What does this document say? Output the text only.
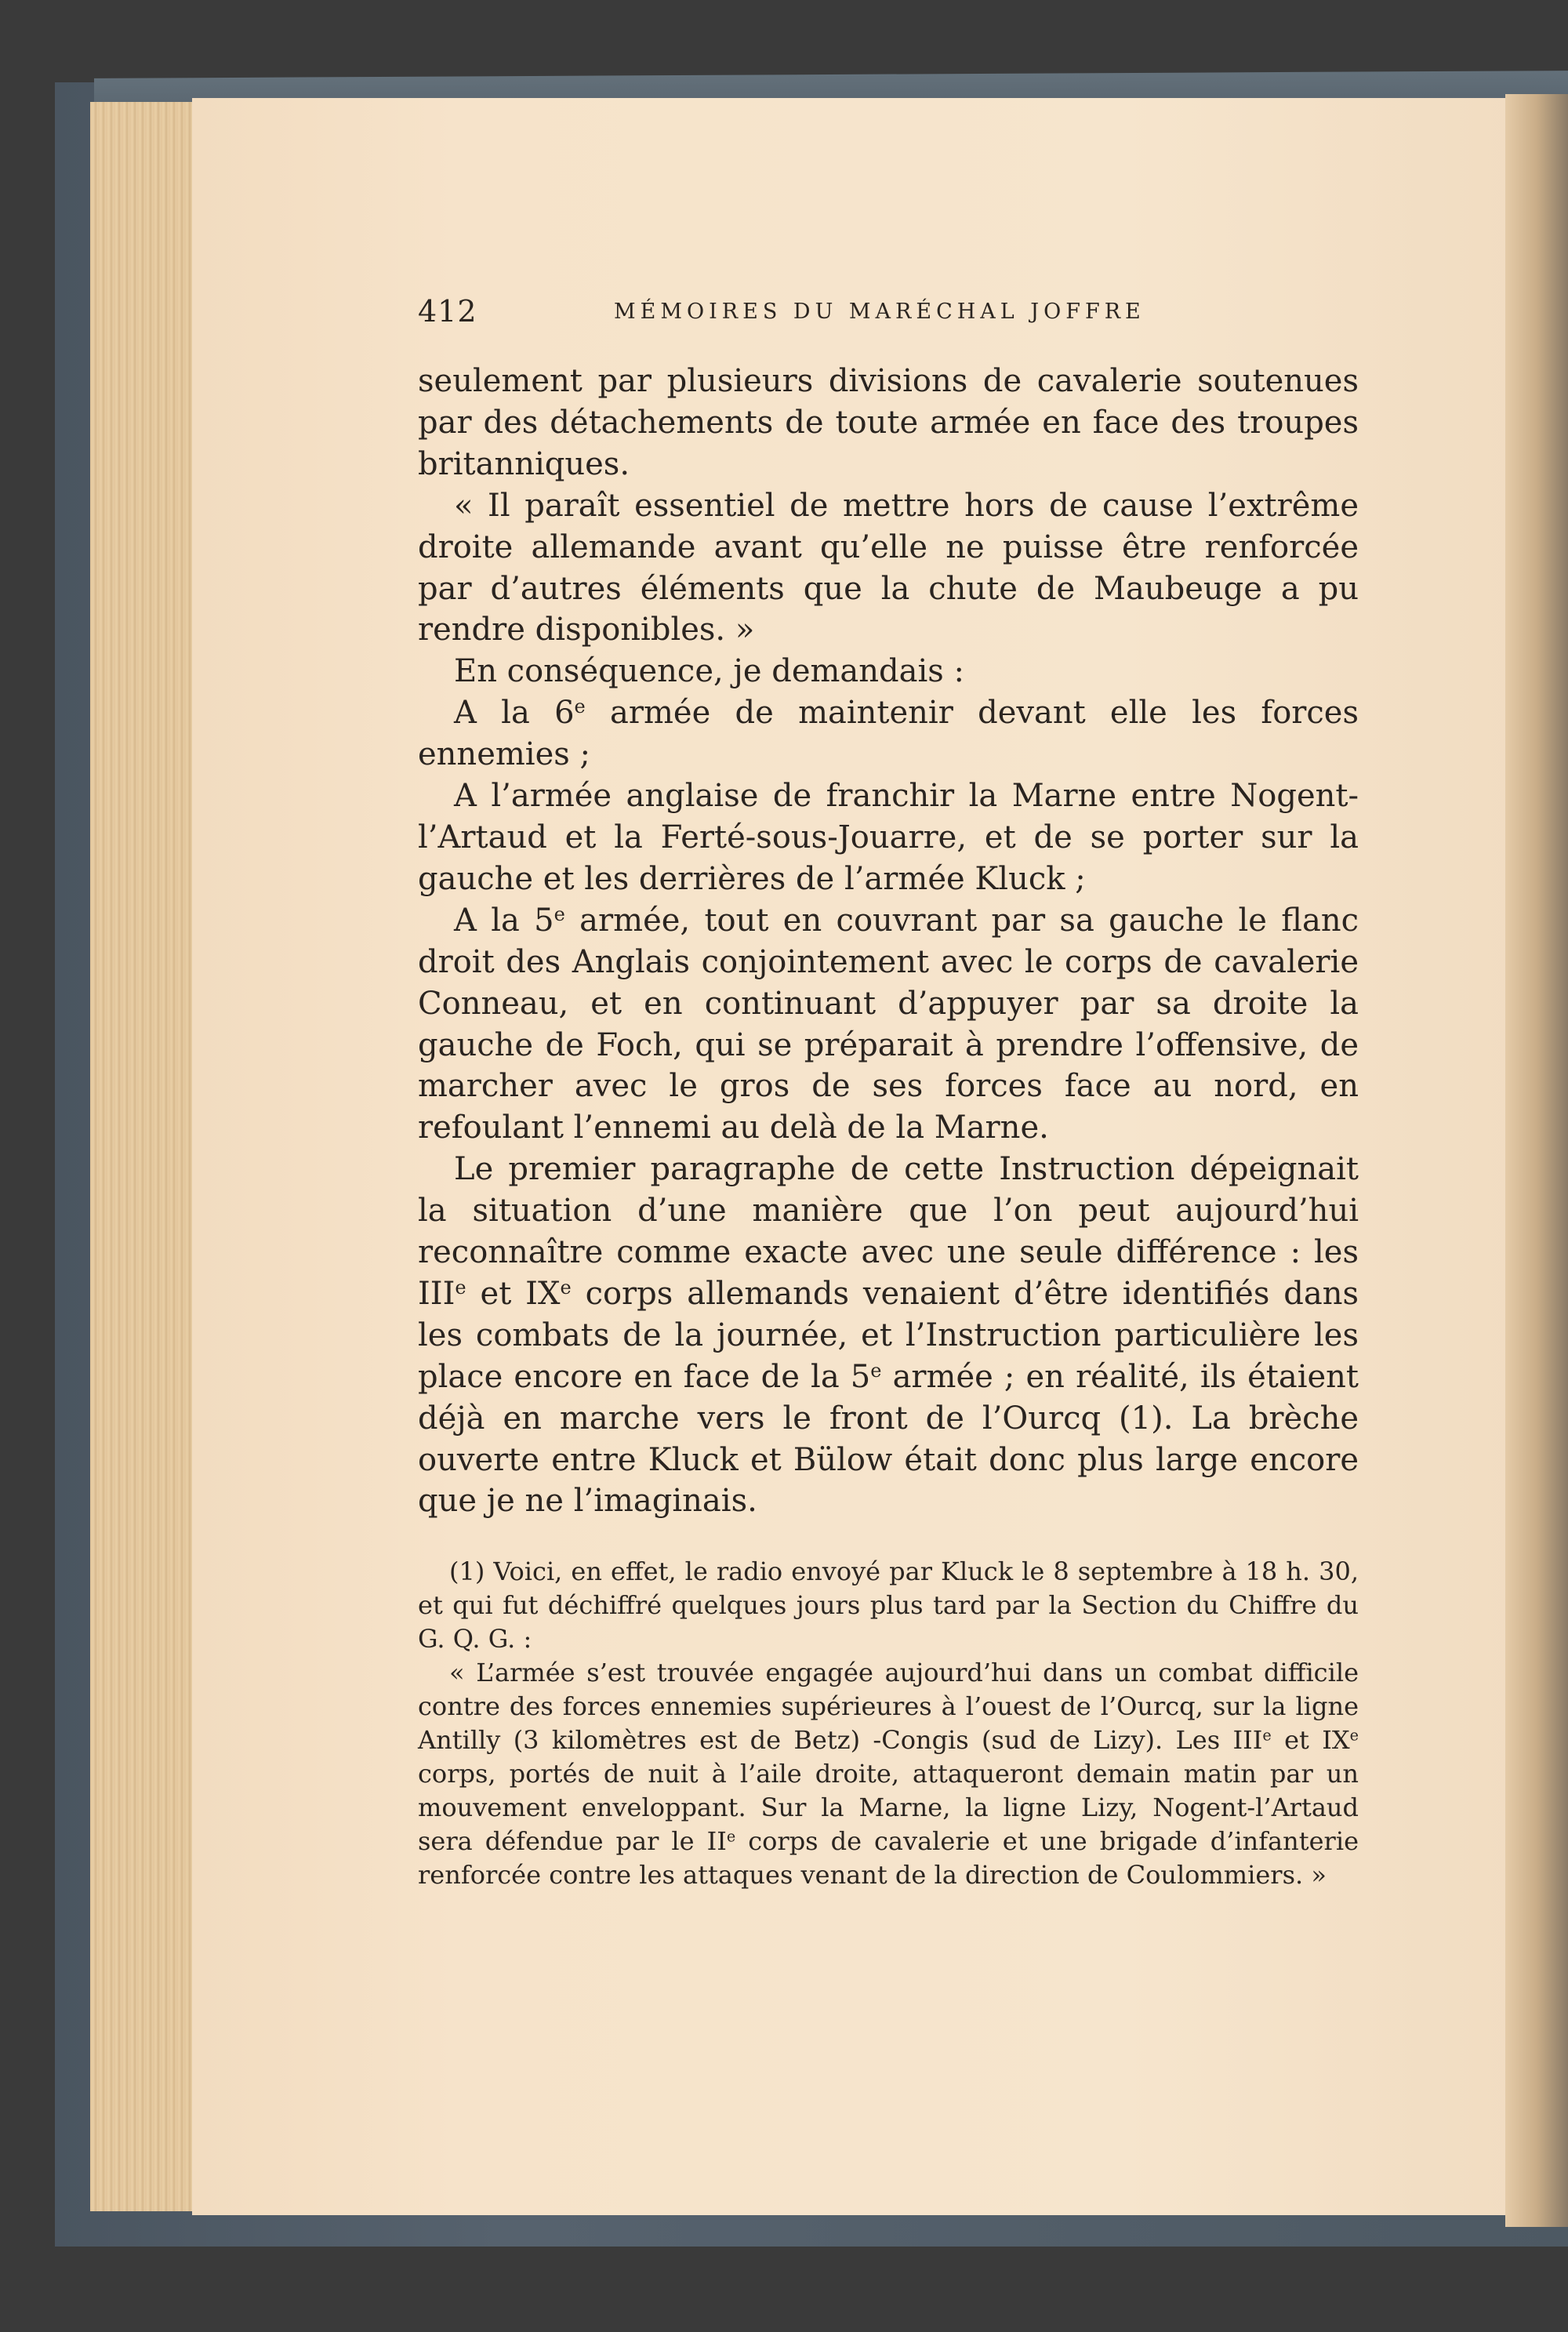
412	MÉMOIRES DU MARÉCHAL JOFFRE

seulement par plusieurs divisions de cavalerie soutenues par des détachements de toute armée en face des troupes britanniques.

« Il paraît essentiel de mettre hors de cause l’extrême droite allemande avant qu’elle ne puisse être renforcée par d’autres éléments que la chute de Maubeuge a pu rendre disponibles. »

En conséquence, je demandais :

A la 6e armée de maintenir devant elle les forces ennemies ;

A l’armée anglaise de franchir la Marne entre Nogent-l’Artaud et la Ferté-sous-Jouarre, et de se porter sur la gauche et les derrières de l’armée Kluck ;

A la 5e armée, tout en couvrant par sa gauche le flanc droit des Anglais conjointement avec le corps de cavalerie Conneau, et en continuant d’appuyer par sa droite la gauche de Foch, qui se préparait à prendre l’offensive, de marcher avec le gros de ses forces face au nord, en refoulant l’ennemi au delà de la Marne.

Le premier paragraphe de cette Instruction dépeignait la situation d’une manière que l’on peut aujourd’hui reconnaître comme exacte avec une seule différence : les IIIe et IXe corps allemands venaient d’être identifiés dans les combats de la journée, et l’Instruction particulière les place encore en face de la 5e armée ; en réalité, ils étaient déjà en marche vers le front de l’Ourcq (1). La brèche ouverte entre Kluck et Bülow était donc plus large encore que je ne l’imaginais.

(1) Voici, en effet, le radio envoyé par Kluck le 8 septembre à 18 h. 30, et qui fut déchiffré quelques jours plus tard par la Section du Chiffre du G. Q. G. :

« L’armée s’est trouvée engagée aujourd’hui dans un combat difficile contre des forces ennemies supérieures à l’ouest de l’Ourcq, sur la ligne Antilly (3 kilomètres est de Betz) -Congis (sud de Lizy). Les IIIe et IXe corps, portés de nuit à l’aile droite, attaqueront demain matin par un mouvement enveloppant. Sur la Marne, la ligne Lizy, Nogent-l’Artaud sera défendue par le IIe corps de cavalerie et une brigade d’infanterie renforcée contre les attaques venant de la direction de Coulommiers. »
